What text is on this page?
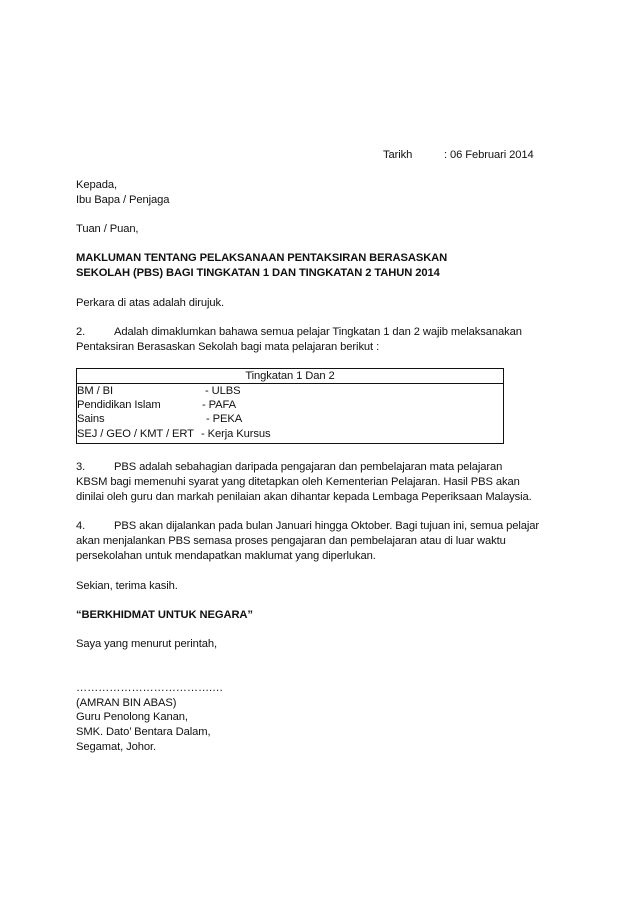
Tarikh	: 06 Februari 2014
Kepada,
Ibu Bapa / Penjaga
Tuan / Puan,
MAKLUMAN TENTANG PELAKSANAAN PENTAKSIRAN BERASASKAN
SEKOLAH (PBS) BAGI TINGKATAN 1 DAN TINGKATAN 2 TAHUN 2014
Perkara di atas adalah dirujuk.
2.	Adalah dimaklumkan bahawa semua pelajar Tingkatan 1 dan 2 wajib melaksanakan
Pentaksiran Berasaskan Sekolah bagi mata pelajaran berikut :
Tingkatan 1 Dan 2
BM / BI	- ULBS
Pendidikan Islam	- PAFA
Sains	- PEKA
SEJ / GEO / KMT / ERT - Kerja Kursus
3.	PBS adalah sebahagian daripada pengajaran dan pembelajaran mata pelajaran
KBSM bagi memenuhi syarat yang ditetapkan oleh Kementerian Pelajaran. Hasil PBS akan
dinilai oleh guru dan markah penilaian akan dihantar kepada Lembaga Peperiksaan Malaysia.
4.	PBS akan dijalankan pada bulan Januari hingga Oktober. Bagi tujuan ini, semua pelajar
akan menjalankan PBS semasa proses pengajaran dan pembelajaran atau di luar waktu
persekolahan untuk mendapatkan maklumat yang diperlukan.
Sekian, terima kasih.
“BERKHIDMAT UNTUK NEGARA”
Saya yang menurut perintah,
……………………………….…
(AMRAN BIN ABAS)
Guru Penolong Kanan,
SMK. Dato’ Bentara Dalam,
Segamat, Johor.
